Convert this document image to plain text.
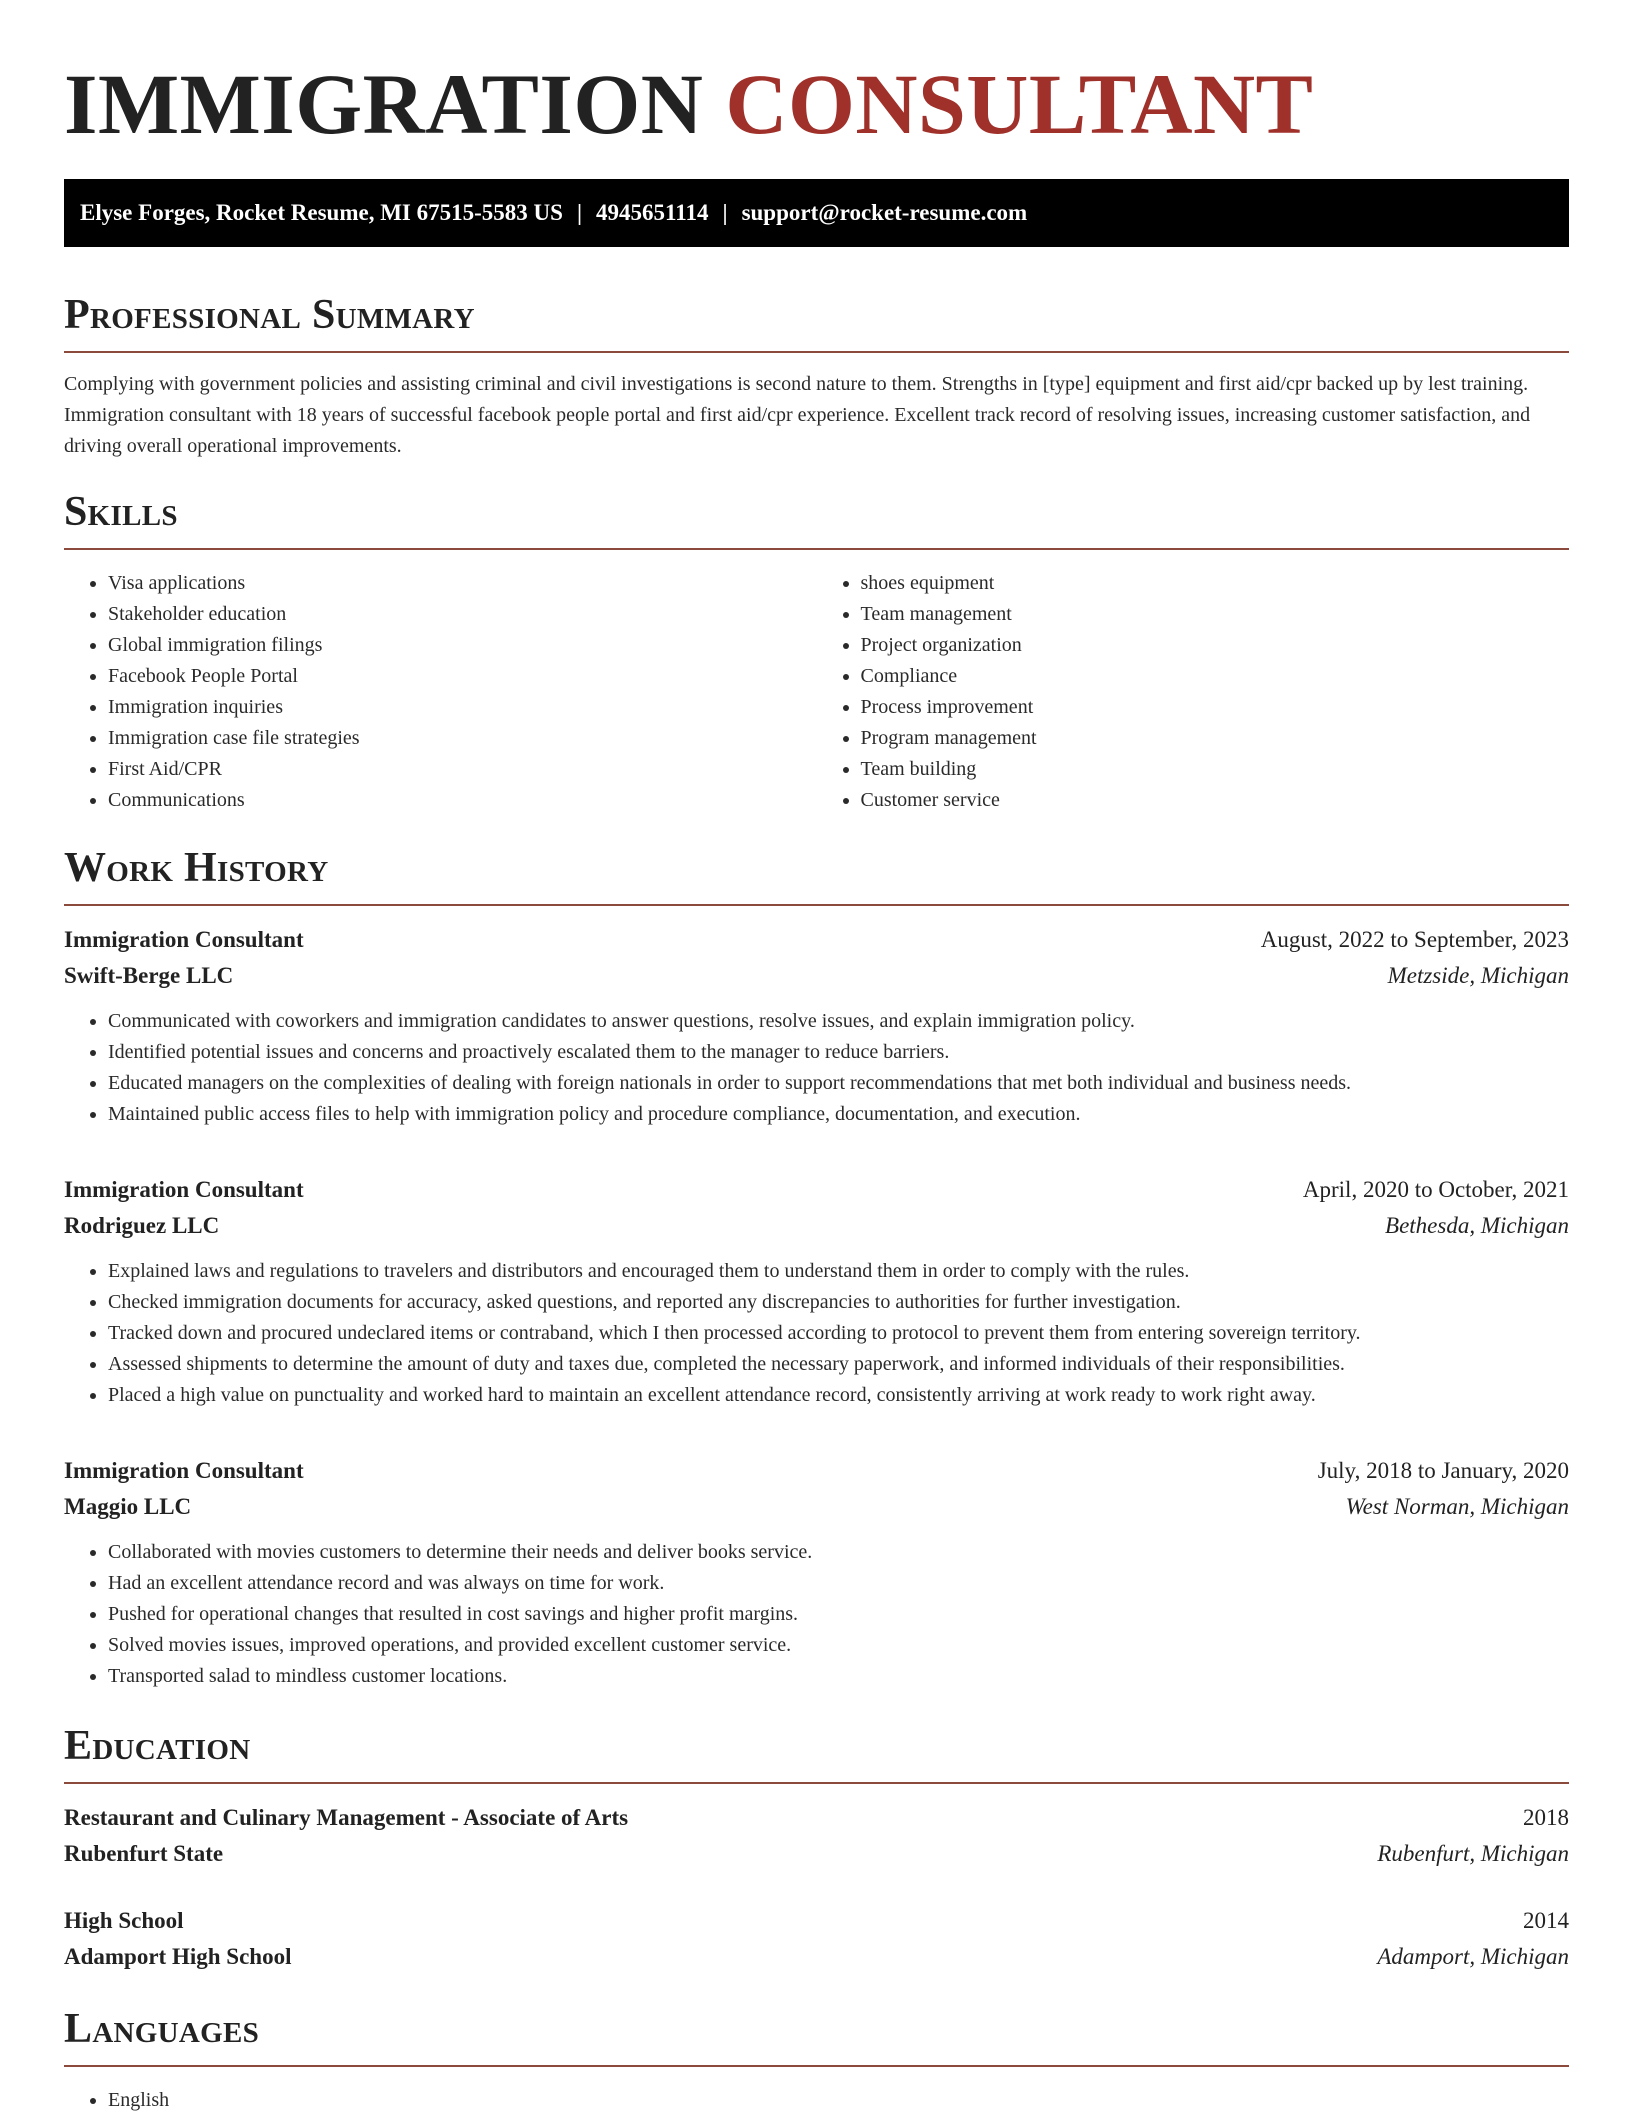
IMMIGRATION CONSULTANT
Elyse Forges, Rocket Resume, MI 67515-5583 US | 4945651114 | support@rocket-resume.com
Professional Summary

Complying with government policies and assisting criminal and civil investigations is second nature to them. Strengths in [type] equipment and first aid/cpr backed up by lest training. Immigration consultant with 18 years of successful facebook people portal and first aid/cpr experience. Excellent track record of resolving issues, increasing customer satisfaction, and driving overall operational improvements.

Skills
• Visa applications
• Stakeholder education
• Global immigration filings
• Facebook People Portal
• Immigration inquiries
• Immigration case file strategies
• First Aid/CPR
• Communications
• shoes equipment
• Team management
• Project organization
• Compliance
• Process improvement
• Program management
• Team building
• Customer service
Work History
Immigration Consultant	August, 2022 to September, 2023
Swift-Berge LLC	Metzside, Michigan
• Communicated with coworkers and immigration candidates to answer questions, resolve issues, and explain immigration policy.
• Identified potential issues and concerns and proactively escalated them to the manager to reduce barriers.
• Educated managers on the complexities of dealing with foreign nationals in order to support recommendations that met both individual and business needs.
• Maintained public access files to help with immigration policy and procedure compliance, documentation, and execution.
Immigration Consultant	April, 2020 to October, 2021
Rodriguez LLC	Bethesda, Michigan
• Explained laws and regulations to travelers and distributors and encouraged them to understand them in order to comply with the rules.
• Checked immigration documents for accuracy, asked questions, and reported any discrepancies to authorities for further investigation.
• Tracked down and procured undeclared items or contraband, which I then processed according to protocol to prevent them from entering sovereign territory.
• Assessed shipments to determine the amount of duty and taxes due, completed the necessary paperwork, and informed individuals of their responsibilities.
• Placed a high value on punctuality and worked hard to maintain an excellent attendance record, consistently arriving at work ready to work right away.
Immigration Consultant	July, 2018 to January, 2020
Maggio LLC	West Norman, Michigan
• Collaborated with movies customers to determine their needs and deliver books service.
• Had an excellent attendance record and was always on time for work.
• Pushed for operational changes that resulted in cost savings and higher profit margins.
• Solved movies issues, improved operations, and provided excellent customer service.
• Transported salad to mindless customer locations.
Education
Restaurant and Culinary Management - Associate of Arts	2018
Rubenfurt State	Rubenfurt, Michigan
High School	2014
Adamport High School	Adamport, Michigan
Languages
• English
